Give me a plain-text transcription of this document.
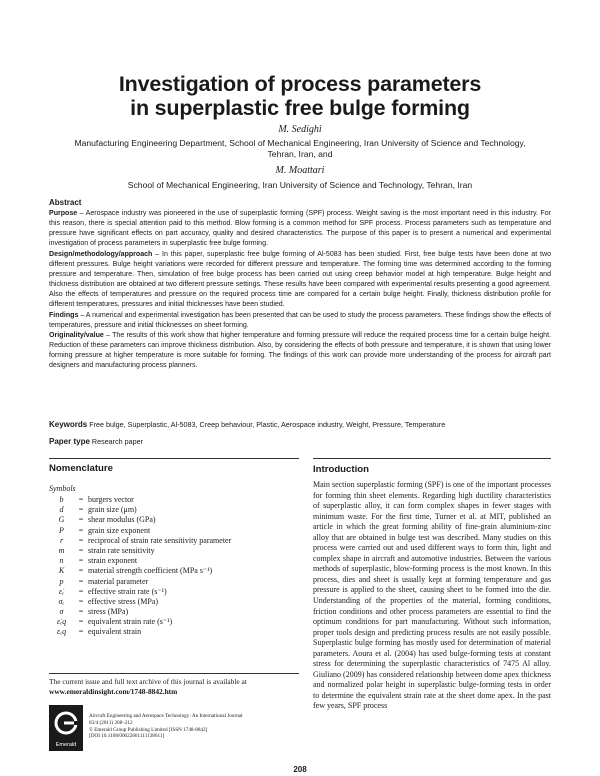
Investigation of process parameters
in superplastic free bulge forming
M. Sedighi
Manufacturing Engineering Department, School of Mechanical Engineering, Iran University of Science and Technology,
Tehran, Iran, and
M. Moattari
School of Mechanical Engineering, Iran University of Science and Technology, Tehran, Iran
Abstract

Purpose – Aerospace industry was pioneered in the use of superplastic forming (SPF) process. Weight saving is the most important need in this industry. For this reason, there is special attention paid to this method. Blow forming is a common method for SPF process. Process parameters such as temperature and pressure have significant effects on part accuracy, quality and desired characteristics. The purpose of this paper is to present a numerical and experimental investigation of process parameters in superplastic free bulge forming.

Design/methodology/approach – In this paper, superplastic free bulge forming of Al-5083 has been studied. First, free bulge tests have been done at two different pressures. Bulge height variations were recorded for different pressure and temperature. The forming time was determined according to the forming pressure and temperature. Then, simulation of free bulge process has been carried out using creep behavior model at high temperature. Bulge height and thickness distribution are obtained at two different pressure settings. These results have been compared with experimental results presenting a good agreement. Also the effects of temperatures and pressure on the required process time are compared for a certain bulge height. Finally, thickness distribution profile for different temperatures, pressures and initial thicknesses have been studied.

Findings – A numerical and experimental investigation has been presented that can be used to study the process parameters. These findings show the effects of temperatures, pressure and initial thicknesses on sheet forming.

Originality/value – The results of this work show that higher temperature and forming pressure will reduce the required process time for a certain bulge height. Reduction of these parameters can improve thickness distribution. Also, by considering the effects of both pressure and temperature, it is shown that using lower forming pressure at higher temperature is more suitable for forming. The findings of this work can provide more understanding of the process for aircraft part designers and manufacturing process planners.

Keywords Free bulge, Superplastic, Al-5083, Creep behaviour, Plastic, Aerospace industry, Weight, Pressure, Temperature
Paper type Research paper
Nomenclature
Symbols
b	= burgers vector
d	= grain size (μm)
G	= shear modulus (GPa)
P	= grain size exponent
r	= reciprocal of strain rate sensitivity parameter
m	= strain rate sensitivity
n	= strain exponent
K	= material strength coefficient (MPa s⁻¹)
p	= material parameter
ε̇ₑ	= effective strain rate (s⁻¹)
σₑ	= effective stress (MPa)
σ	= stress (MPa)
ε̇ₑq	= equivalent strain rate (s⁻¹)
εₑq	= equivalent strain
Introduction

Main section superplastic forming (SPF) is one of the important processes for forming thin sheet elements. Regarding high ductility characteristics of superplastic alloy, it can form complex shapes in fewer stages with minimum waste. For the first time, Turner et al. at MIT, published an article in which the great forming ability of fine-grain aluminium-zinc alloy that are obtained in bulge test was described. Many studies on this process were carried out and used different ways to form thin, light and complex shape in aircraft and automotive industries. Between the various methods of superplastic, blow-forming process is the most known. In this process, dies and sheet is usually kept at forming temperature and gas pressure is applied to the sheet, causing sheet to be formed into the die. Understanding of the properties of the material, forming conditions, friction conditions and other process parameters are essential to find the optimum conditions for part manufacturing. Without such information, proper tools design and predicting process results are not easily possible. Superplastic bulge forming has mostly used for determination of material parameters. Aoura et al. (2004) has used bulge-forming tests at constant stress for determining the superplastic characteristics of 7475 Al alloy. Giuliano (2009) has considered relationship between dome apex thickness and normalized polar height in superplastic bulge-forming tests in order to determine the equivalent strain rate at the sheet dome apex. In the past few years, SPF process

The current issue and full text archive of this journal is available at
www.emeraldinsight.com/1748-8842.htm
Emerald
Aircraft Engineering and Aerospace Technology: An International Journal
83/4 (2011) 208–212
© Emerald Group Publishing Limited [ISSN 1748-8842]
[DOI 10.1108/00022661111138611]
208
